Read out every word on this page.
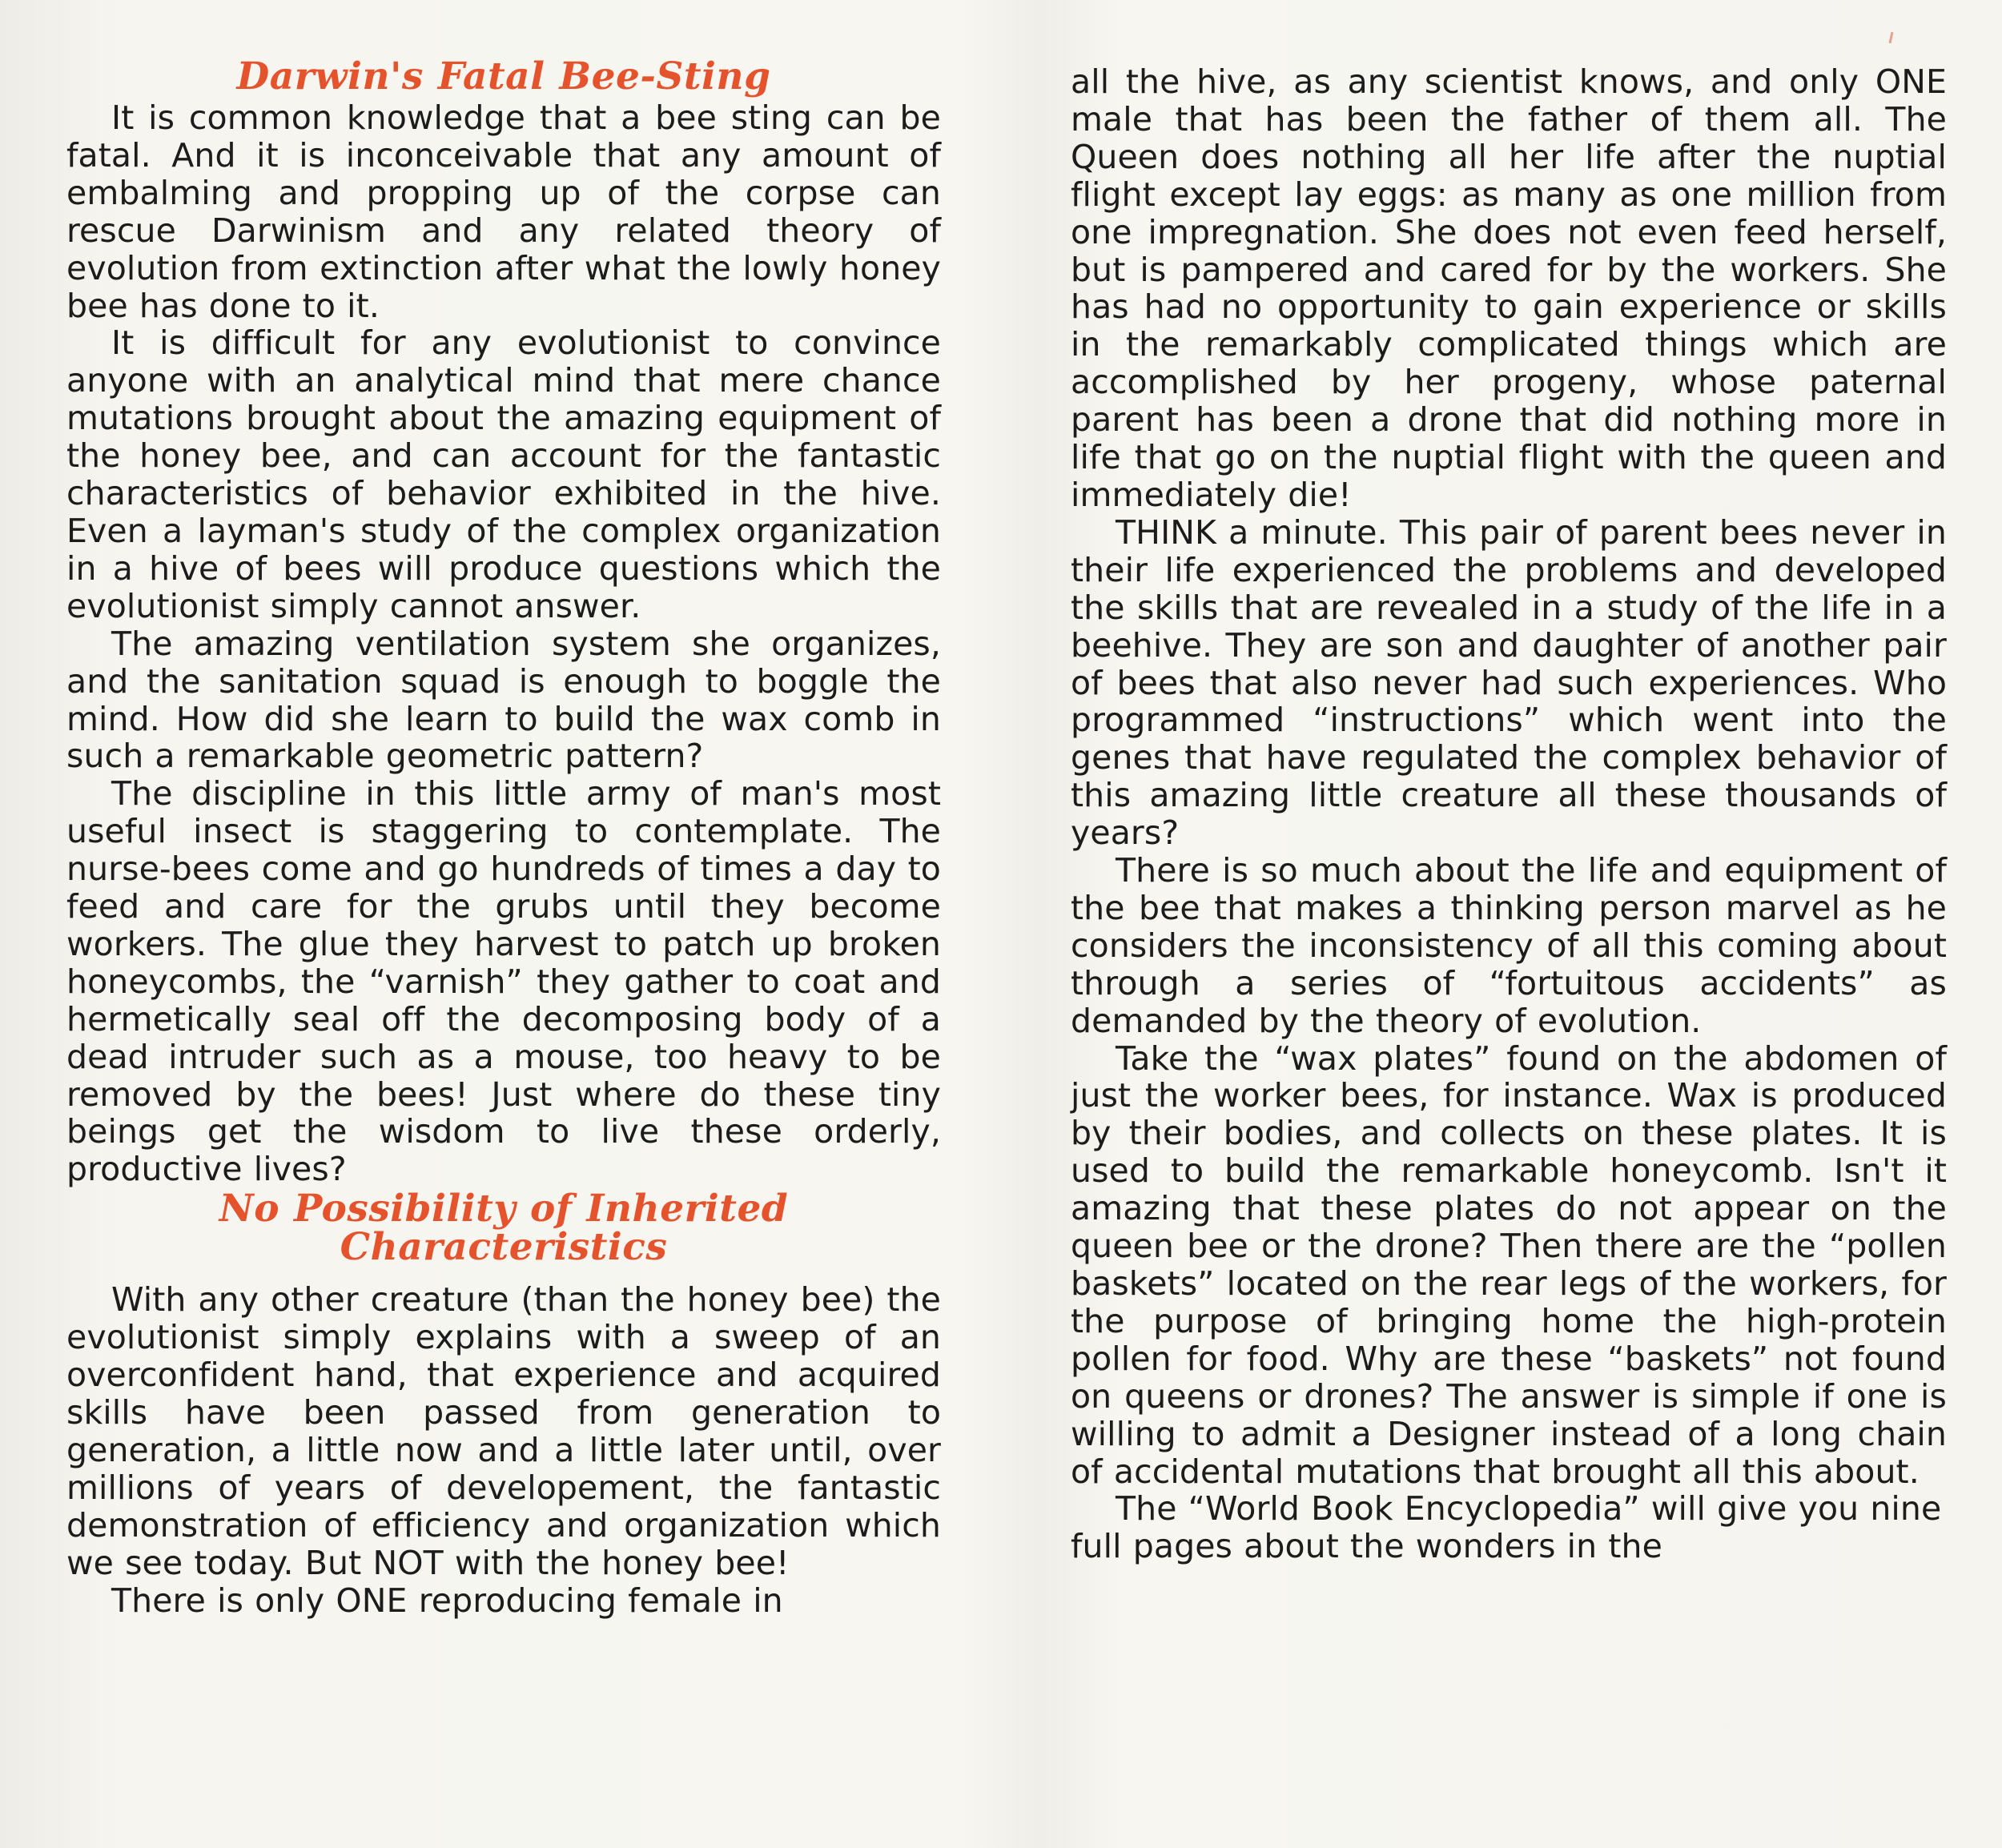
Darwin's Fatal Bee-Sting

It is common knowledge that a bee sting can be fatal. And it is inconceivable that any amount of embalming and propping up of the corpse can rescue Darwinism and any related theory of evolution from extinction after what the lowly honey bee has done to it.

It is difficult for any evolutionist to convince anyone with an analytical mind that mere chance mutations brought about the amazing equipment of the honey bee, and can account for the fantastic characteristics of behavior exhibited in the hive. Even a layman's study of the complex organization in a hive of bees will produce questions which the evolutionist simply cannot answer.

The amazing ventilation system she organizes, and the sanitation squad is enough to boggle the mind. How did she learn to build the wax comb in such a remarkable geometric pattern?

The discipline in this little army of man's most useful insect is staggering to contemplate. The nurse-bees come and go hundreds of times a day to feed and care for the grubs until they become workers. The glue they harvest to patch up broken honeycombs, the “varnish” they gather to coat and hermetically seal off the decomposing body of a dead intruder such as a mouse, too heavy to be removed by the bees! Just where do these tiny beings get the wisdom to live these orderly, productive lives?

No Possibility of Inherited
Characteristics

With any other creature (than the honey bee) the evolutionist simply explains with a sweep of an overconfident hand, that experience and acquired skills have been passed from generation to generation, a little now and a little later until, over millions of years of developement, the fantastic demonstration of efficiency and organization which we see today. But NOT with the honey bee!

There is only ONE reproducing female in

all the hive, as any scientist knows, and only ONE male that has been the father of them all. The Queen does nothing all her life after the nuptial flight except lay eggs: as many as one million from one impregnation. She does not even feed herself, but is pampered and cared for by the workers. She has had no opportunity to gain experience or skills in the remarkably complicated things which are accomplished by her progeny, whose paternal parent has been a drone that did nothing more in life that go on the nuptial flight with the queen and immediately die!

THINK a minute. This pair of parent bees never in their life experienced the problems and developed the skills that are revealed in a study of the life in a beehive. They are son and daughter of another pair of bees that also never had such experiences. Who programmed “instructions” which went into the genes that have regulated the complex behavior of this amazing little creature all these thousands of years?

There is so much about the life and equipment of the bee that makes a thinking person marvel as he considers the inconsistency of all this coming about through a series of “fortuitous accidents” as demanded by the theory of evolution.

Take the “wax plates” found on the abdomen of just the worker bees, for instance. Wax is produced by their bodies, and collects on these plates. It is used to build the remarkable honeycomb. Isn't it amazing that these plates do not appear on the queen bee or the drone? Then there are the “pollen baskets” located on the rear legs of the workers, for the purpose of bringing home the high-protein pollen for food. Why are these “baskets” not found on queens or drones? The answer is simple if one is willing to admit a Designer instead of a long chain of accidental mutations that brought all this about.

The “World Book Encyclopedia” will give you nine full pages about the wonders in the
